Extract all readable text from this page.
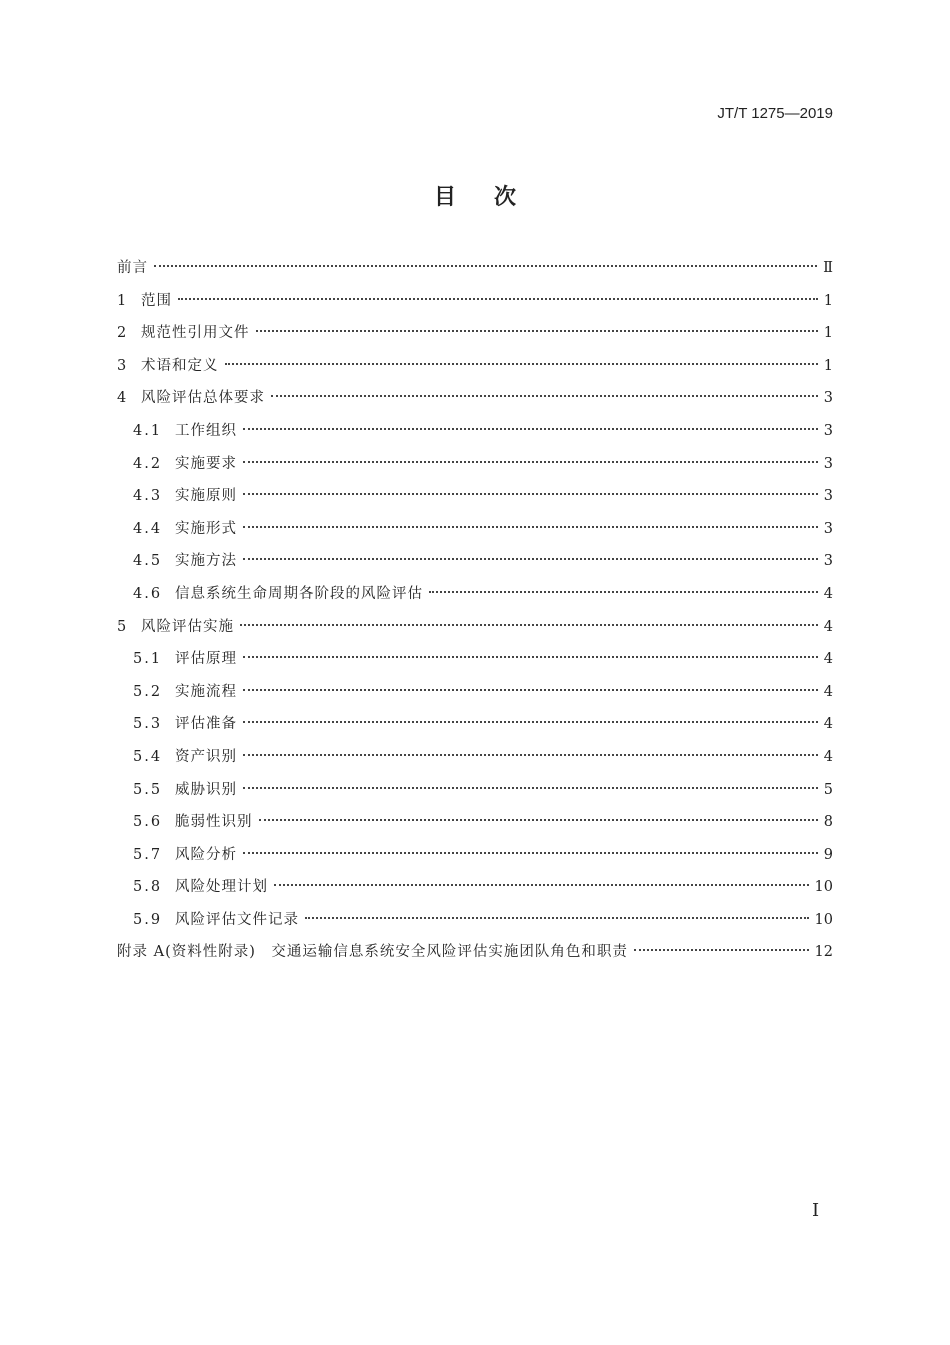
JT/T 1275—2019
目次
前言	Ⅱ
1 范围	1
2 规范性引用文件	1
3 术语和定义	1
4 风险评估总体要求	3
4.1 工作组织	3
4.2 实施要求	3
4.3 实施原则	3
4.4 实施形式	3
4.5 实施方法	3
4.6 信息系统生命周期各阶段的风险评估	4
5 风险评估实施	4
5.1 评估原理	4
5.2 实施流程	4
5.3 评估准备	4
5.4 资产识别	4
5.5 威胁识别	5
5.6 脆弱性识别	8
5.7 风险分析	9
5.8 风险处理计划	10
5.9 风险评估文件记录	10
附录 A(资料性附录)　交通运输信息系统安全风险评估实施团队角色和职责	12
I
